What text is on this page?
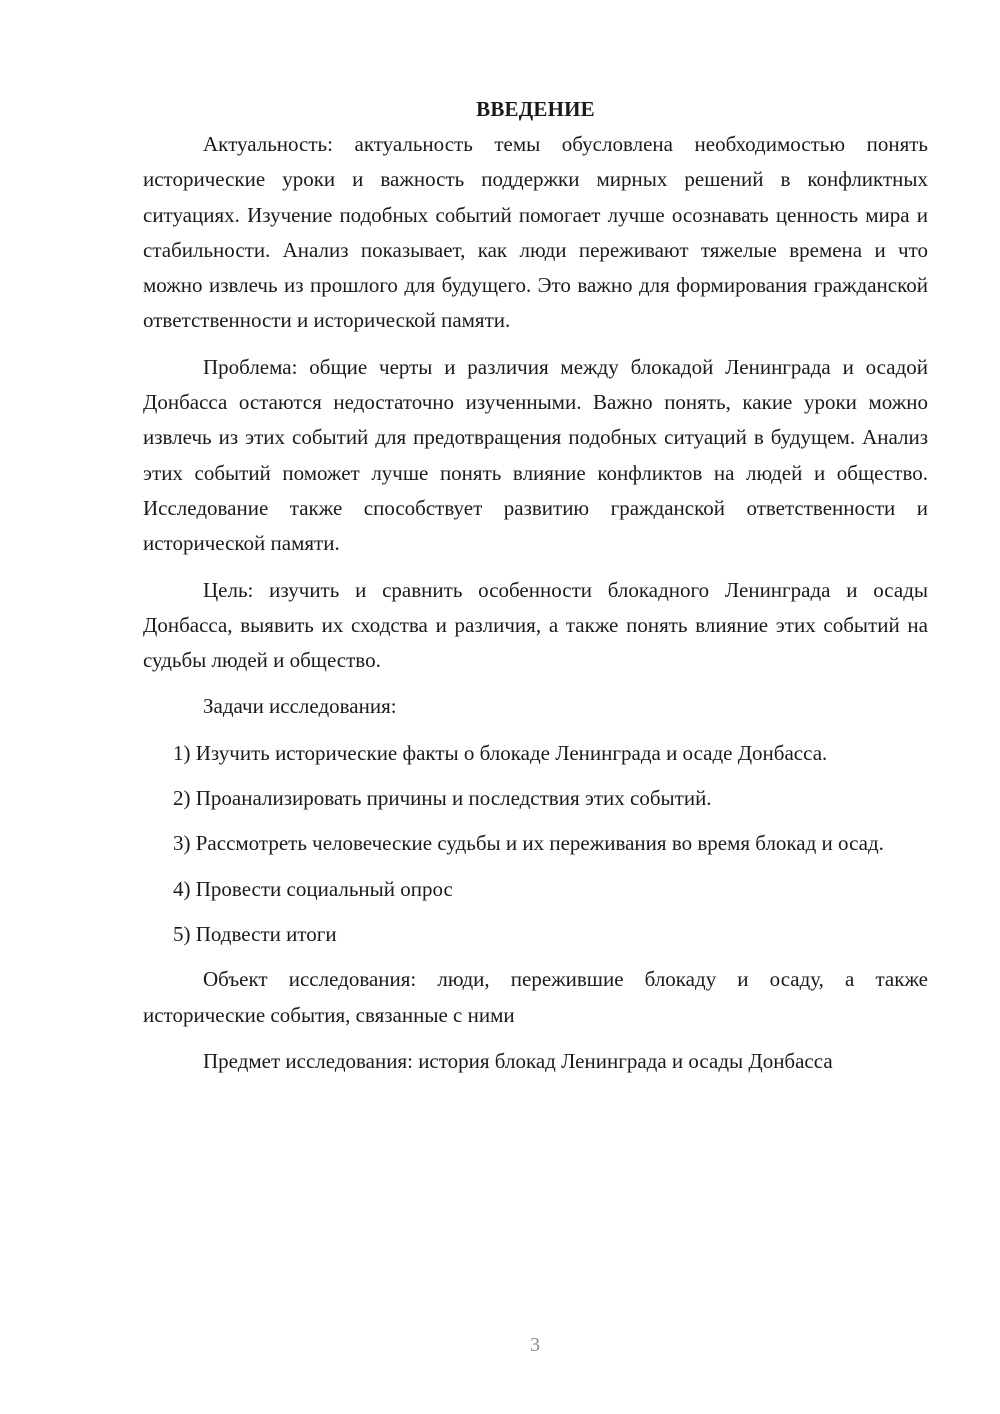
ВВЕДЕНИЕ

Актуальность: актуальность темы обусловлена необходимостью понять исторические уроки и важность поддержки мирных решений в конфликтных ситуациях. Изучение подобных событий помогает лучше осознавать ценность мира и стабильности. Анализ показывает, как люди переживают тяжелые времена и что можно извлечь из прошлого для будущего. Это важно для формирования гражданской ответственности и исторической памяти.

Проблема: общие черты и различия между блокадой Ленинграда и осадой Донбасса остаются недостаточно изученными. Важно понять, какие уроки можно извлечь из этих событий для предотвращения подобных ситуаций в будущем. Анализ этих событий поможет лучше понять влияние конфликтов на людей и общество. Исследование также способствует развитию гражданской ответственности и исторической памяти.

Цель: изучить и сравнить особенности блокадного Ленинграда и осады Донбасса, выявить их сходства и различия, а также понять влияние этих событий на судьбы людей и общество.

Задачи исследования:

1) Изучить исторические факты о блокаде Ленинграда и осаде Донбасса.

2) Проанализировать причины и последствия этих событий.

3) Рассмотреть человеческие судьбы и их переживания во время блокад и осад.

4) Провести социальный опрос

5) Подвести итоги

Объект исследования: люди, пережившие блокаду и осаду, а также исторические события, связанные с ними

Предмет исследования: история блокад Ленинграда и осады Донбасса

3
